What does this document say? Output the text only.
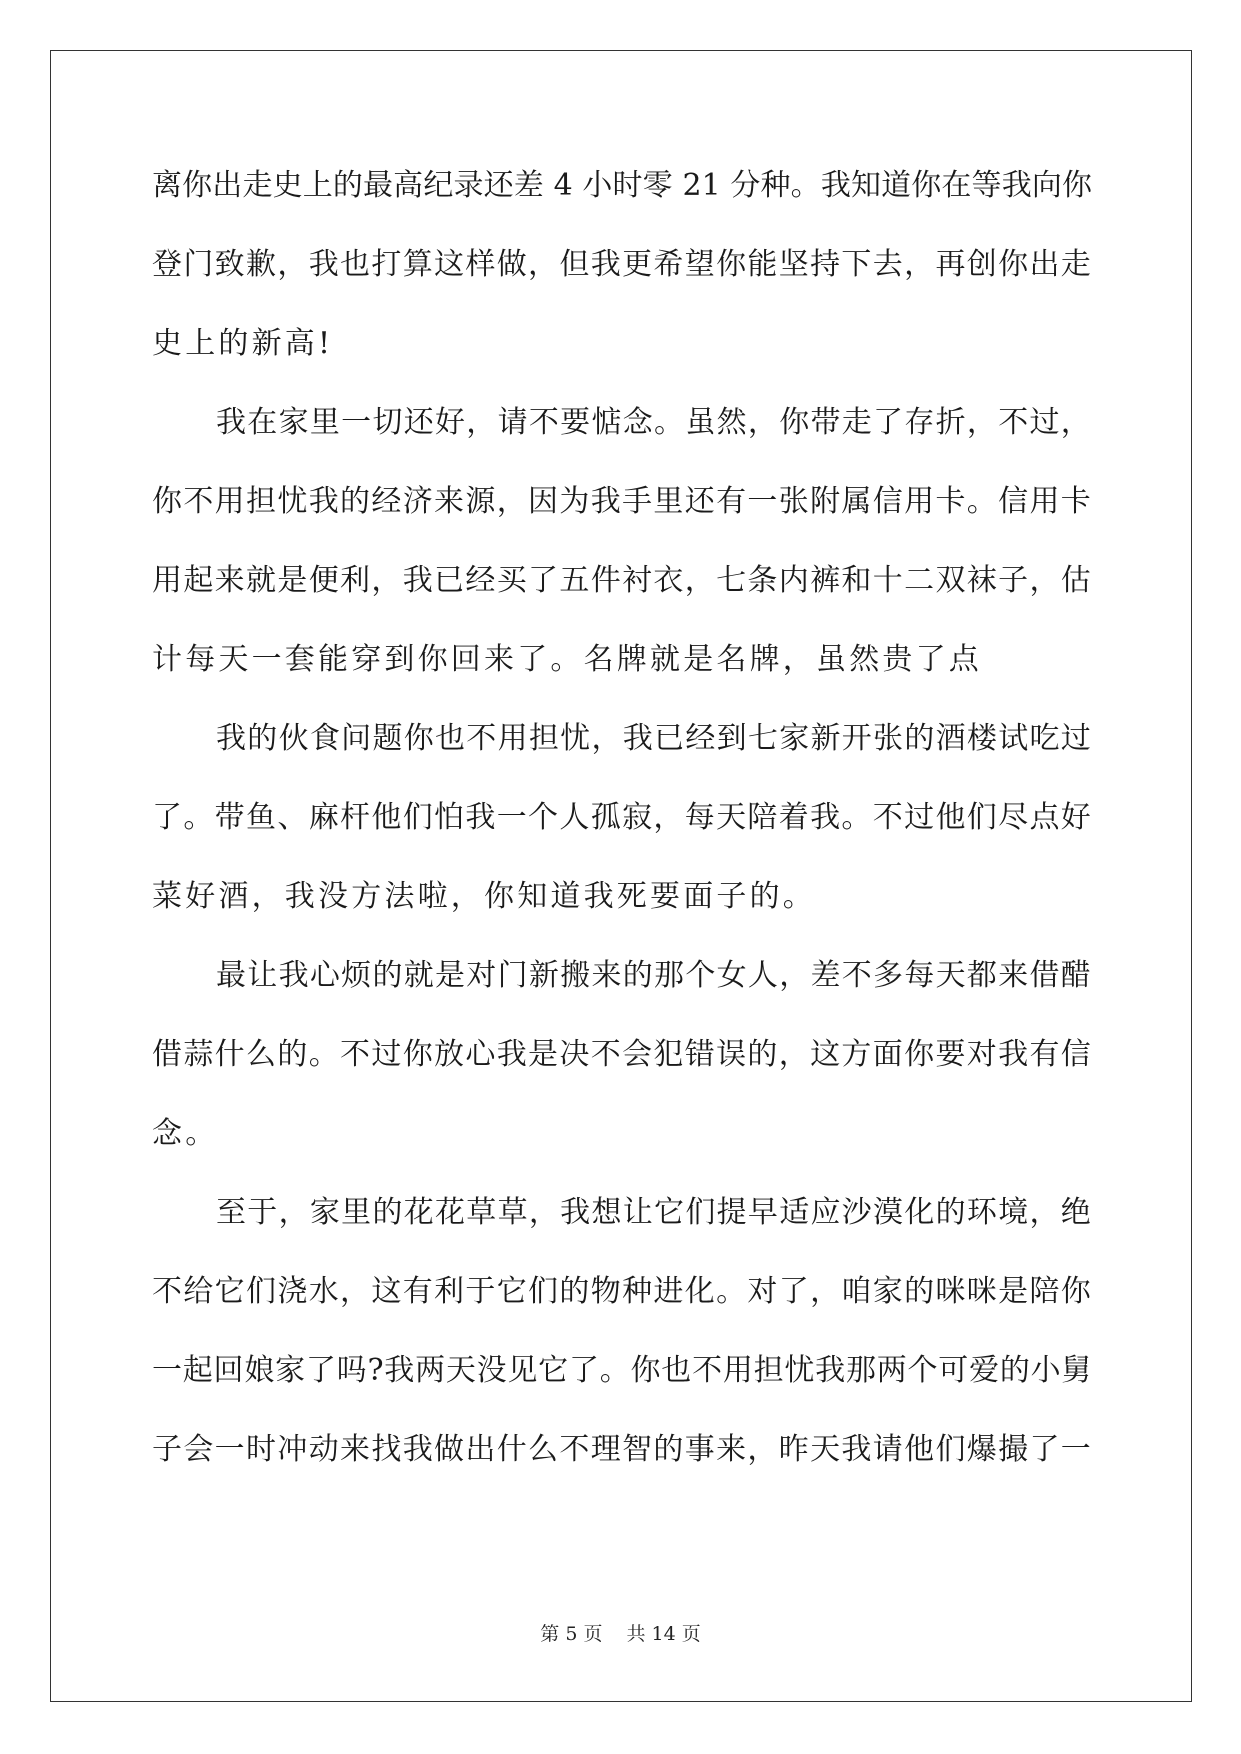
离你出走史上的最高纪录还差 4 小时零 21 分种。我知道你在等我向你
登门致歉，我也打算这样做，但我更希望你能坚持下去，再创你出走
史上的新高!
我在家里一切还好，请不要惦念。虽然，你带走了存折，不过，
你不用担忧我的经济来源，因为我手里还有一张附属信用卡。信用卡
用起来就是便利，我已经买了五件衬衣，七条内裤和十二双袜子，估
计每天一套能穿到你回来了。名牌就是名牌，虽然贵了点
我的伙食问题你也不用担忧，我已经到七家新开张的酒楼试吃过
了。带鱼、麻杆他们怕我一个人孤寂，每天陪着我。不过他们尽点好
菜好酒，我没方法啦，你知道我死要面子的。
最让我心烦的就是对门新搬来的那个女人，差不多每天都来借醋
借蒜什么的。不过你放心我是决不会犯错误的，这方面你要对我有信
念。
至于，家里的花花草草，我想让它们提早适应沙漠化的环境，绝
不给它们浇水，这有利于它们的物种进化。对了，咱家的咪咪是陪你
一起回娘家了吗?我两天没见它了。你也不用担忧我那两个可爱的小舅
子会一时冲动来找我做出什么不理智的事来，昨天我请他们爆撮了一
第 5 页 共 14 页
